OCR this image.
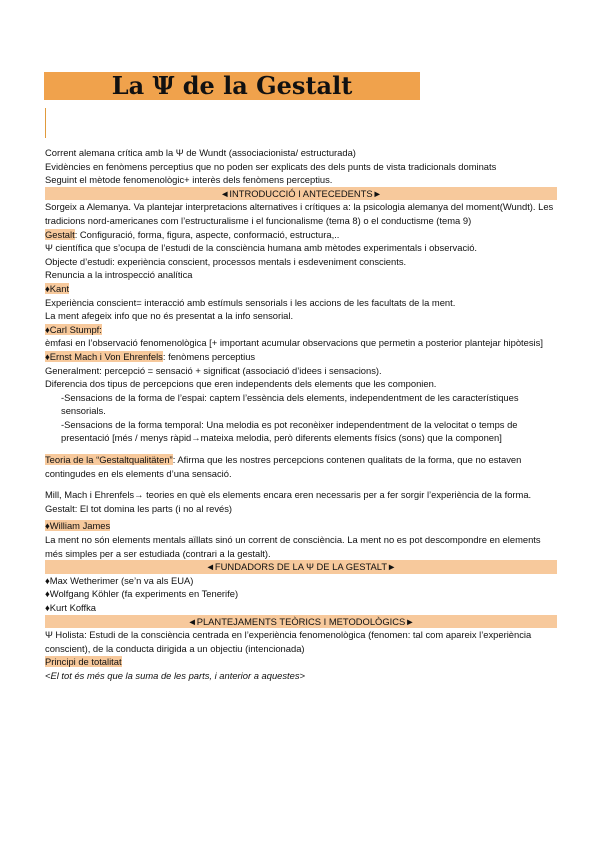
La Ψ de la Gestalt

Corrent alemana crítica amb la Ψ de Wundt (associacionista/ estructurada)

Evidències en fenòmens perceptius que no poden ser explicats des dels punts de vista tradicionals dominats

Seguint el mètode fenomenològic+ interès dels fenòmens perceptius.

◄INTRODUCCIÓ I ANTECEDENTS►

Sorgeix a Alemanya. Va plantejar interpretacions alternatives i crítiques a: la psicologia alemanya del moment(Wundt). Les tradicions nord-americanes com l’estructuralisme i el funcionalisme (tema 8) o el conductisme (tema 9)

Gestalt: Configuració, forma, figura, aspecte, conformació, estructura,..

Ψ científica que s’ocupa de l’estudi de la consciència humana amb mètodes experimentals i observació.

Objecte d’estudi: experiència conscient, processos mentals i esdeveniment conscients.

Renuncia a la introspecció analítica

♦Kant

Experiència conscient= interacció amb estímuls sensorials i les accions de les facultats de la ment.

La ment afegeix info que no és presentat a la info sensorial.

♦Carl Stumpf:

èmfasi en l’observació fenomenològica [+ important acumular observacions que permetin a posterior plantejar hipòtesis]

♦Ernst Mach i Von Ehrenfels: fenòmens perceptius

Generalment: percepció = sensació + significat (associació d’idees i sensacions).

Diferencia dos tipus de percepcions que eren independents dels elements que les componien.

-Sensacions de la forma de l’espai: captem l’essència dels elements, independentment de les característiques sensorials.

-Sensacions de la forma temporal: Una melodia es pot reconèixer independentment de la velocitat o temps de presentació [més / menys ràpid→mateixa melodia, però diferents elements físics (sons) que la componen]

Teoria de la “Gestaltqualitäten”: Afirma que les nostres percepcions contenen qualitats de la forma, que no estaven contingudes en els elements d’una sensació.

Mill, Mach i Ehrenfels→ teories en què els elements encara eren necessaris per a fer sorgir l’experiència de la forma. Gestalt: El tot domina les parts (i no al revés)

♦William James

La ment no són elements mentals aïllats sinó un corrent de consciència. La ment no es pot descompondre en elements més simples per a ser estudiada (contrari a la gestalt).

◄FUNDADORS DE LA Ψ DE LA GESTALT►

♦Max Wetherimer (se’n va als EUA)

♦Wolfgang Köhler (fa experiments en Tenerife)

♦Kurt Koffka

◄PLANTEJAMENTS TEÒRICS I METODOLÒGICS►

Ψ Holista: Estudi de la consciència centrada en l’experiència fenomenològica (fenomen: tal com apareix l’experiència conscient), de la conducta dirigida a un objectiu (intencionada)

Principi de totalitat

<El tot és més que la suma de les parts, i anterior a aquestes>
